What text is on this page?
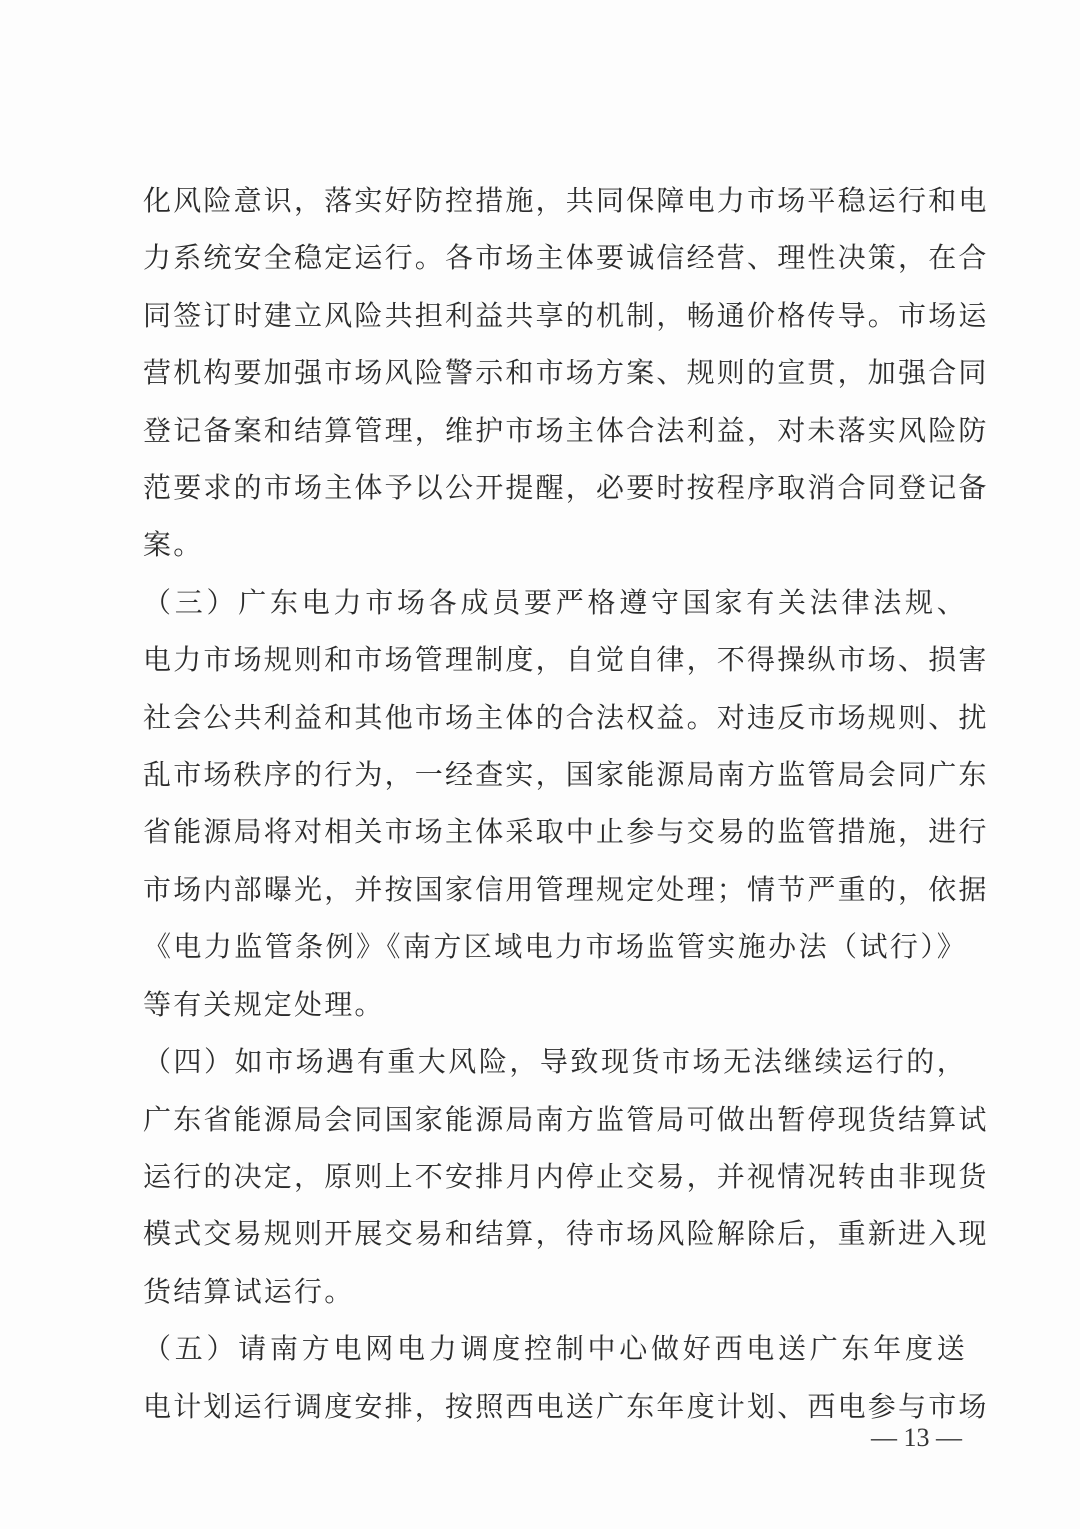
化风险意识，落实好防控措施，共同保障电力市场平稳运行和电
力系统安全稳定运行。各市场主体要诚信经营、理性决策，在合
同签订时建立风险共担利益共享的机制，畅通价格传导。市场运
营机构要加强市场风险警示和市场方案、规则的宣贯，加强合同
登记备案和结算管理，维护市场主体合法利益，对未落实风险防
范要求的市场主体予以公开提醒，必要时按程序取消合同登记备
案。
（三）广东电力市场各成员要严格遵守国家有关法律法规、
电力市场规则和市场管理制度，自觉自律，不得操纵市场、损害
社会公共利益和其他市场主体的合法权益。对违反市场规则、扰
乱市场秩序的行为，一经查实，国家能源局南方监管局会同广东
省能源局将对相关市场主体采取中止参与交易的监管措施，进行
市场内部曝光，并按国家信用管理规定处理；情节严重的，依据
《电力监管条例》《南方区域电力市场监管实施办法（试行）》
等有关规定处理。
（四）如市场遇有重大风险，导致现货市场无法继续运行的，
广东省能源局会同国家能源局南方监管局可做出暂停现货结算试
运行的决定，原则上不安排月内停止交易，并视情况转由非现货
模式交易规则开展交易和结算，待市场风险解除后，重新进入现
货结算试运行。
（五）请南方电网电力调度控制中心做好西电送广东年度送
电计划运行调度安排，按照西电送广东年度计划、西电参与市场
— 13 —
